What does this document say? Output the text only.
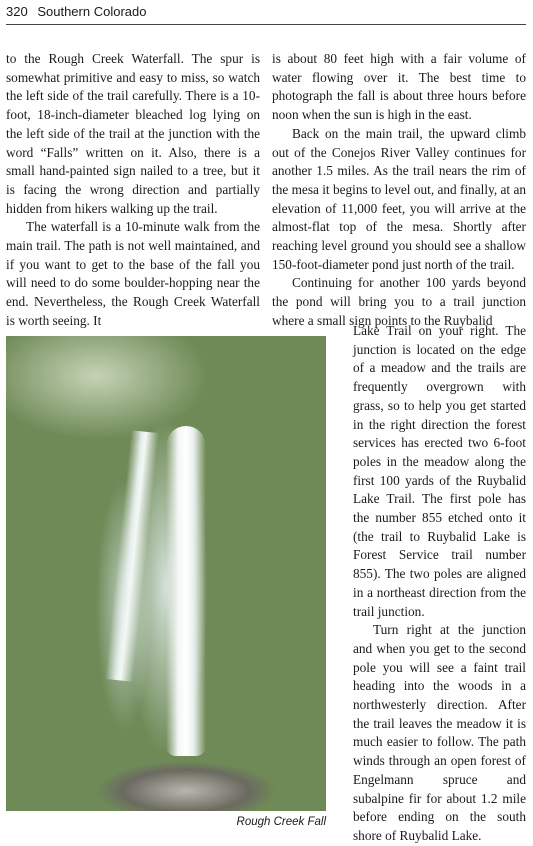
320 Southern Colorado

to the Rough Creek Waterfall. The spur is somewhat primitive and easy to miss, so watch the left side of the trail carefully. There is a 10-foot, 18-inch-diameter bleached log lying on the left side of the trail at the junction with the word “Falls” written on it. Also, there is a small hand-painted sign nailed to a tree, but it is facing the wrong direction and partially hidden from hikers walking up the trail.

The waterfall is a 10-minute walk from the main trail. The path is not well maintained, and if you want to get to the base of the fall you will need to do some boulder-hopping near the end. Nevertheless, the Rough Creek Waterfall is worth seeing. It

is about 80 feet high with a fair volume of water flowing over it. The best time to photograph the fall is about three hours before noon when the sun is high in the east.

Back on the main trail, the upward climb out of the Conejos River Valley continues for another 1.5 miles. As the trail nears the rim of the mesa it begins to level out, and finally, at an elevation of 11,000 feet, you will arrive at the almost-flat top of the mesa. Shortly after reaching level ground you should see a shallow 150-foot-diameter pond just north of the trail.

Continuing for another 100 yards beyond the pond will bring you to a trail junction where a small sign points to the Ruybalid

Lake Trail on your right. The junction is located on the edge of a meadow and the trails are frequently overgrown with grass, so to help you get started in the right direction the forest services has erected two 6-foot poles in the meadow along the first 100 yards of the Ruybalid Lake Trail. The first pole has the number 855 etched onto it (the trail to Ruybalid Lake is Forest Service trail number 855). The two poles are aligned in a northeast direction from the trail junction.

Turn right at the junction and when you get to the second pole you will see a faint trail heading into the woods in a northwesterly direction. After the trail leaves the meadow it is much easier to follow. The path winds through an open forest of Engelmann spruce and subalpine fir for about 1.2 mile before ending on the south shore of Ruybalid Lake.

Rough Creek Fall
